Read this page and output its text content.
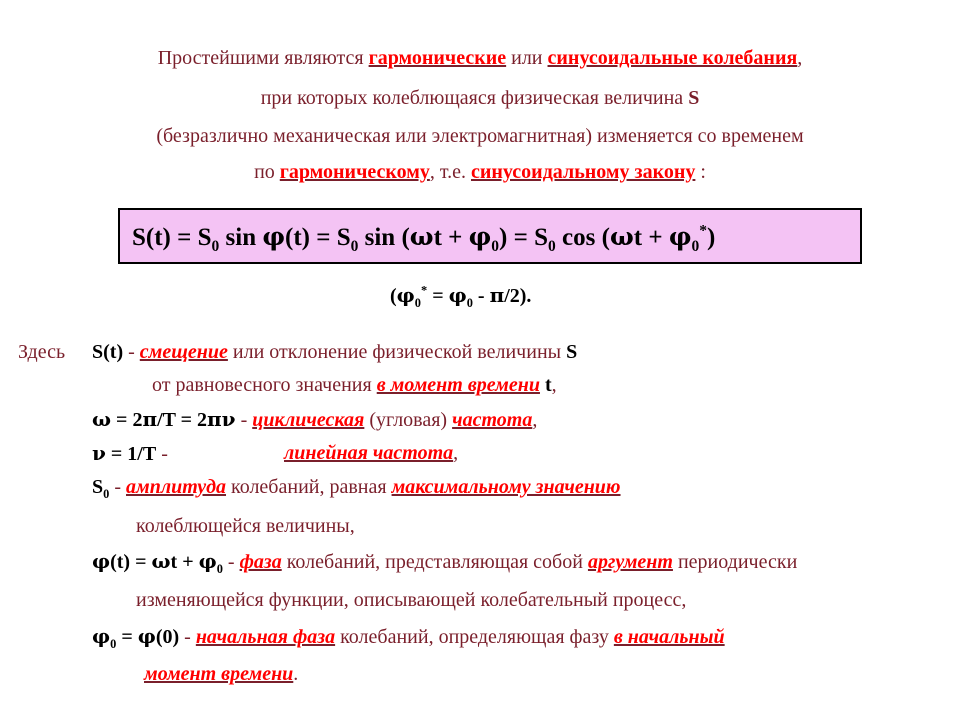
Простейшими являются гармонические или синусоидальные колебания,
при которых колеблющаяся физическая величина S
(безразлично механическая или электромагнитная) изменяется со временем
по гармоническому, т.е. синусоидальному закону :
$S(t) = S_0$ $\sin \varphi(t) = S_0$ $\sin (\omega t + \varphi_0) = S_0$ $\cos (\omega t + \varphi_0^*)$
$(\varphi_0^* = \varphi_0 - \pi/2)$.
Здесь S(t) - смещение или отклонение физической величины S
от равновесного значения в момент времени t,
ω = 2π/T = 2πν - циклическая (угловая) частота,
ν = 1/T -	линейная частота,
$S_0$ - амплитуда колебаний, равная максимальному значению
колеблющейся величины,
$\varphi(t) = \omega t + \varphi_0$ - фаза колебаний, представляющая собой аргумент периодически
изменяющейся функции, описывающей колебательный процесс,
$\varphi_0 = \varphi(0)$ - начальная фаза колебаний, определяющая фазу в начальный
момент времени.
